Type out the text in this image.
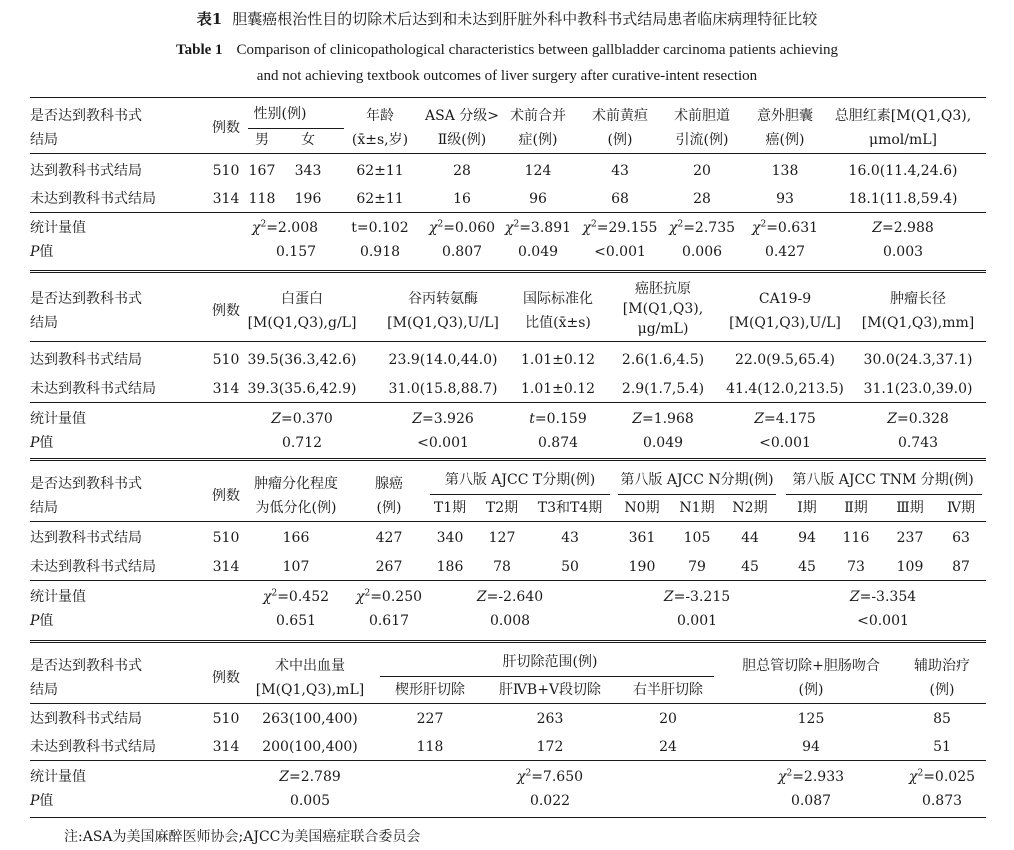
表1 胆囊癌根治性目的切除术后达到和未达到肝脏外科中教科书式结局患者临床病理特征比较
Table 1 Comparison of clinicopathological characteristics between gallbladder carcinoma patients achieving
and not achieving textbook outcomes of liver surgery after curative-intent resection
是否达到教科书式
结局
例数
性别(例)
男 女
年龄
(x̄±s,岁)
ASA 分级>
Ⅱ级(例)
术前合并
症(例)
术前黄疸
(例)
术前胆道
引流(例)
意外胆囊
癌(例)
总胆红素[M(Q1,Q3),
μmol/mL]
达到教科书式结局	510 167 343 62±11	28	124	43	20	138	16.0(11.4,24.6)
未达到教科书式结局	314 118 196 62±11	16	96	68	28	93	18.1(11.8,59.4)
统计量值	$\chi^2=2.008$ t=0.102 $\chi^2=0.060$ $\chi^2=3.891$ $\chi^2=29.155$ $\chi^2=2.735$ $\chi^2=0.631$	Z=2.988
P值	0.157	0.918	0.807	0.049	<0.001	0.006	0.427	0.003
是否达到教科书式
结局
例数
白蛋白
[M(Q1,Q3),g/L]
谷丙转氨酶
[M(Q1,Q3),U/L]
国际标准化
比值(x̄±s)
癌胚抗原
[M(Q1,Q3),
μg/mL)
CA19-9
[M(Q1,Q3),U/L]
肿瘤长径
[M(Q1,Q3),mm]
达到教科书式结局	510 39.5(36.3,42.6) 23.9(14.0,44.0) 1.01±0.12 2.6(1.6,4.5) 22.0(9.5,65.4) 30.0(24.3,37.1)
未达到教科书式结局	314 39.3(35.6,42.9) 31.0(15.8,88.7) 1.01±0.12 2.9(1.7,5.4) 41.4(12.0,213.5) 31.1(23.0,39.0)
统计量值	Z=0.370	Z=3.926	t=0.159	Z=1.968	Z=4.175	Z=0.328
P值	0.712	<0.001	0.874	0.049	<0.001	0.743
是否达到教科书式
结局
例数
肿瘤分化程度
为低分化(例)
腺癌
(例)
第八版 AJCC T分期(例)
T1期 T2期 T3和T4期
第八版 AJCC N分期(例)
N0期 N1期 N2期
第八版 AJCC TNM 分期(例)
Ⅰ期 Ⅱ期 Ⅲ期 Ⅳ期
达到教科书式结局	510	166	427 340 127	43	361 105 44	94 116 237 63
未达到教科书式结局	314	107	267 186 78	50	190 79	45	45 73 109 87
统计量值	$\chi^2=0.452$ $\chi^2=0.250$	Z=-2.640	Z=-3.215	Z=-3.354
P值	0.651	0.617	0.008	0.001	<0.001
是否达到教科书式
结局
例数
术中出血量
[M(Q1,Q3),mL]
肝切除范围(例)
楔形肝切除 肝ⅣB+Ⅴ段切除 右半肝切除
胆总管切除+胆肠吻合
(例)
辅助治疗
(例)
达到教科书式结局	510 263(100,400)	227	263	20	125	85
未达到教科书式结局	314 200(100,400)	118	172	24	94	51
统计量值	Z=2.789	$\chi^2=7.650$	$\chi^2=2.933$	$\chi^2=0.025$
P值	0.005	0.022	0.087	0.873
注:ASA为美国麻醉医师协会;AJCC为美国癌症联合委员会
